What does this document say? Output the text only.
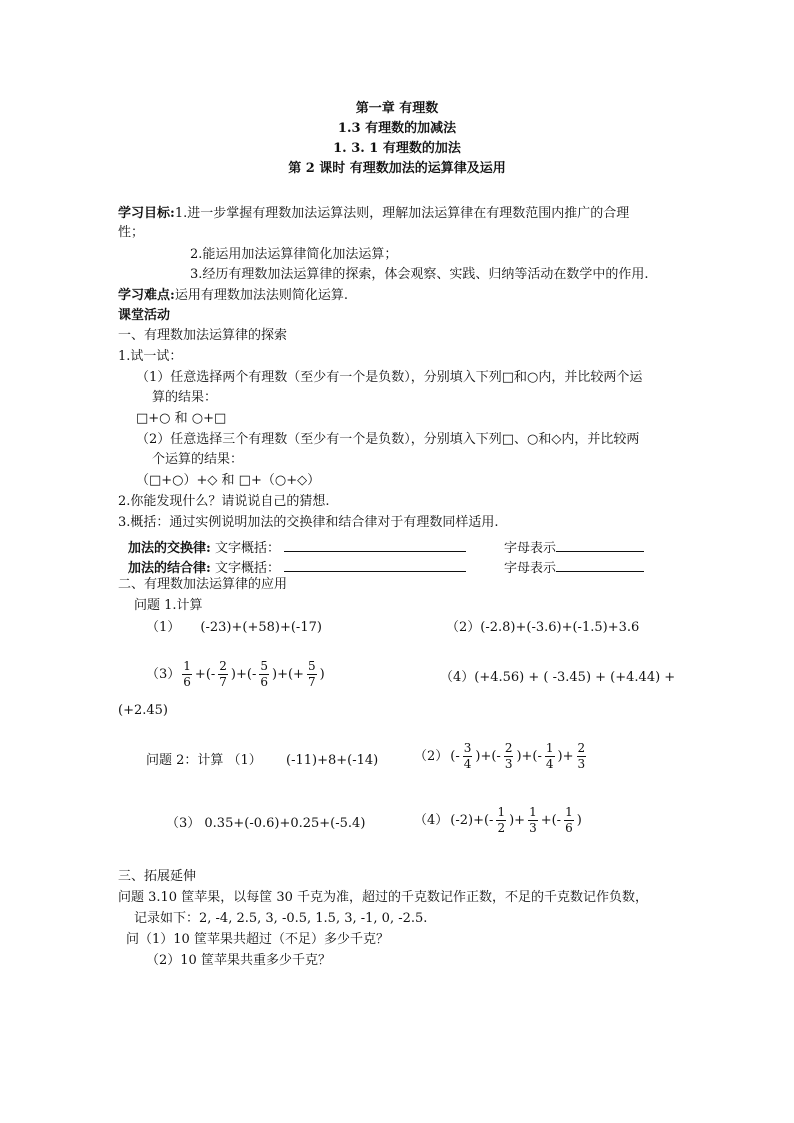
第一章 有理数
1.3 有理数的加减法
1. 3. 1 有理数的加法
第 2 课时 有理数加法的运算律及运用
学习目标:1.进一步掌握有理数加法运算法则，理解加法运算律在有理数范围内推广的合理
性；
2.能运用加法运算律简化加法运算；
3.经历有理数加法运算律的探索，体会观察、实践、归纳等活动在数学中的作用.
学习难点:运用有理数加法法则简化运算.
课堂活动
一、有理数加法运算律的探索
1.试一试：
（1）任意选择两个有理数（至少有一个是负数），分别填入下列□和○内，并比较两个运
算的结果：
□+○ 和 ○+□
（2）任意选择三个有理数（至少有一个是负数），分别填入下列□、○和◇内，并比较两
个运算的结果：
（□+○）+◇ 和 □+（○+◇）
2.你能发现什么？请说说自己的猜想.
3.概括：通过实例说明加法的交换律和结合律对于有理数同样适用.
加法的交换律: 文字概括：	字母表示
加法的结合律: 文字概括：	字母表示
二、有理数加法运算律的应用
问题 1.计算
（1） (-23)+(+58)+(-17)	（2）(-2.8)+(-3.6)+(-1.5)+3.6
$(3) \frac{1}{6}$ +(- $\frac{2}{7}$ )+(- $\frac{5}{6}$ )+(+ $\frac{5}{7}$ )	（4）(+4.56) + ( -3.45) + (+4.44) +
(+2.45)
问题 2：计算 （1） (-11)+8+(-14)	（2） (- $\frac{3}{4}$ )+(- $\frac{2}{3}$ )+(- $\frac{1}{4}$ )+ $\frac{2}{3}$
（3） 0.35+(-0.6)+0.25+(-5.4)	（4） $(-2)+(- \frac{1}{2}$ )+ $\frac{1}{3}$ +(- $\frac{1}{6}$ )
三、拓展延伸
问题 3.10 筐苹果，以每筐 30 千克为准，超过的千克数记作正数，不足的千克数记作负数，
记录如下：2, -4, 2.5, 3, -0.5, 1.5, 3, -1, 0, -2.5.
问（1）10 筐苹果共超过（不足）多少千克？
（2）10 筐苹果共重多少千克？
